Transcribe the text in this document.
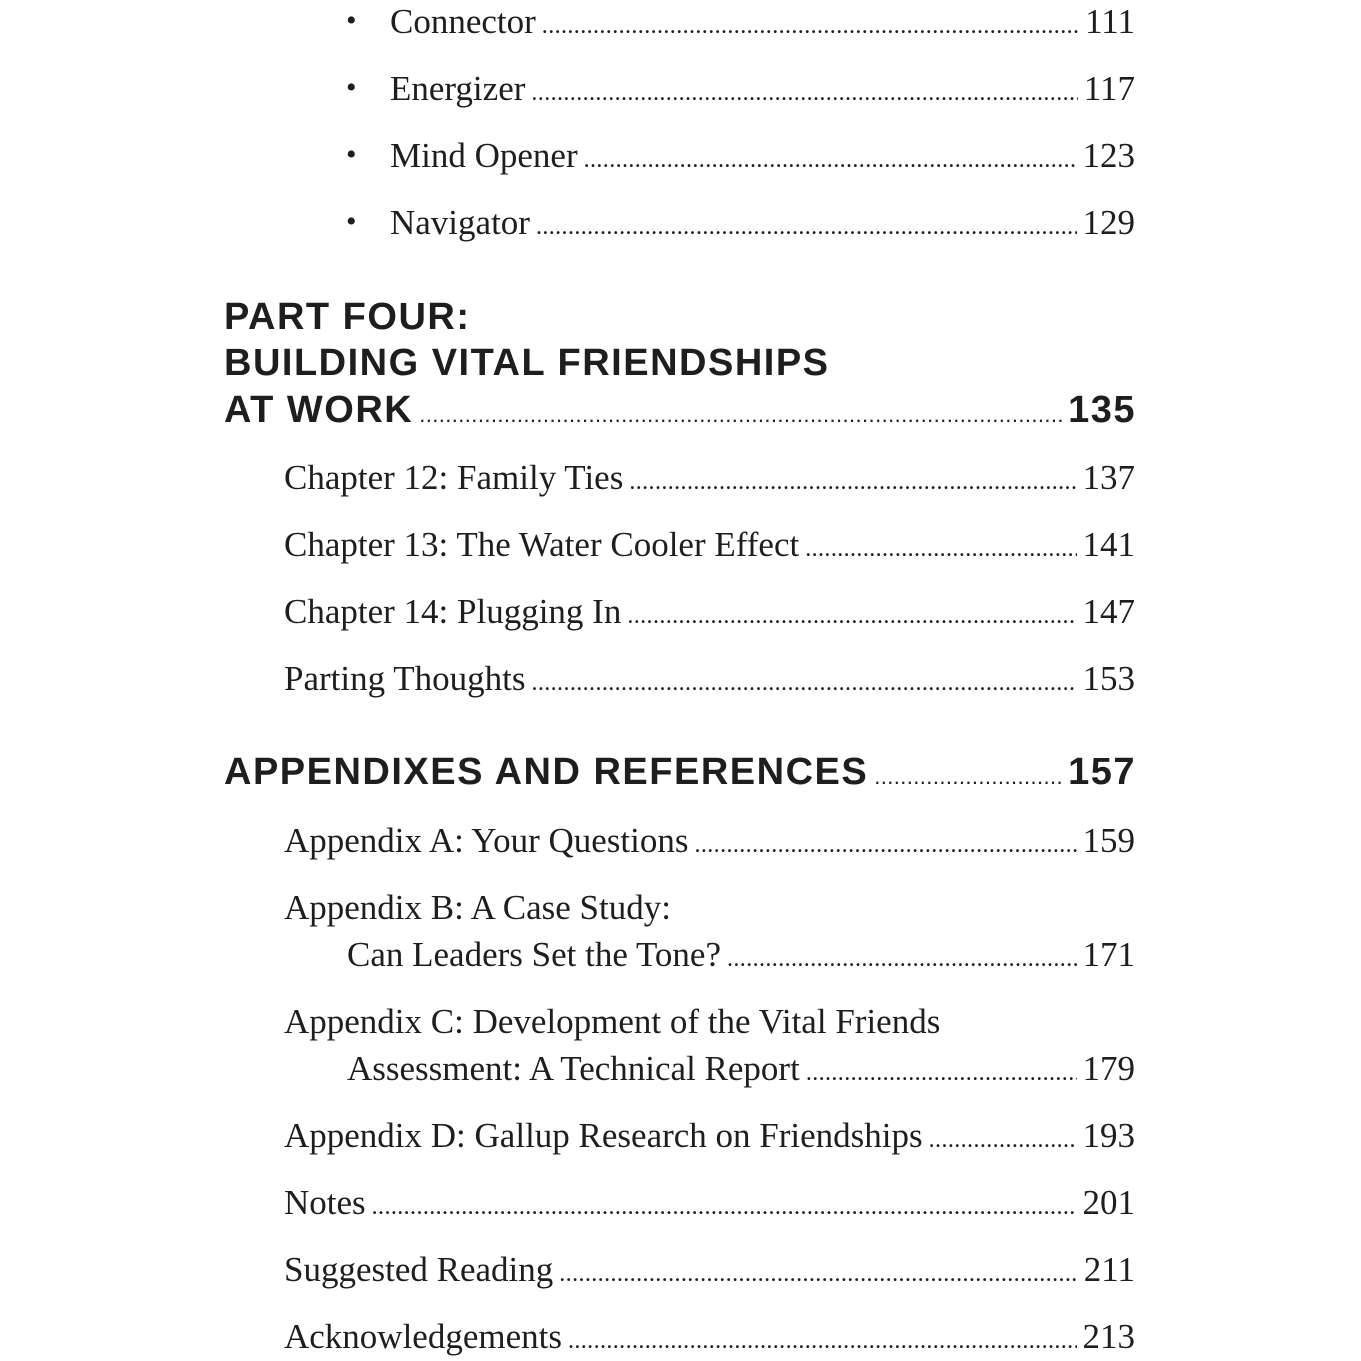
• Connector .....	111
• Energizer .....	117
• Mind Opener .....	123
• Navigator .....	129
PART FOUR:
BUILDING VITAL FRIENDSHIPS
AT WORK .....	135
Chapter 12: Family Ties .....	137
Chapter 13: The Water Cooler Effect .....	141
Chapter 14: Plugging In .....	147
Parting Thoughts .....	153
APPENDIXES AND REFERENCES .....	157
Appendix A: Your Questions .....	159
Appendix B: A Case Study:
Can Leaders Set the Tone? .....	171
Appendix C: Development of the Vital Friends
Assessment: A Technical Report .....	179
Appendix D: Gallup Research on Friendships .....	193
Notes .....	201
Suggested Reading .....	211
Acknowledgements .....	213
